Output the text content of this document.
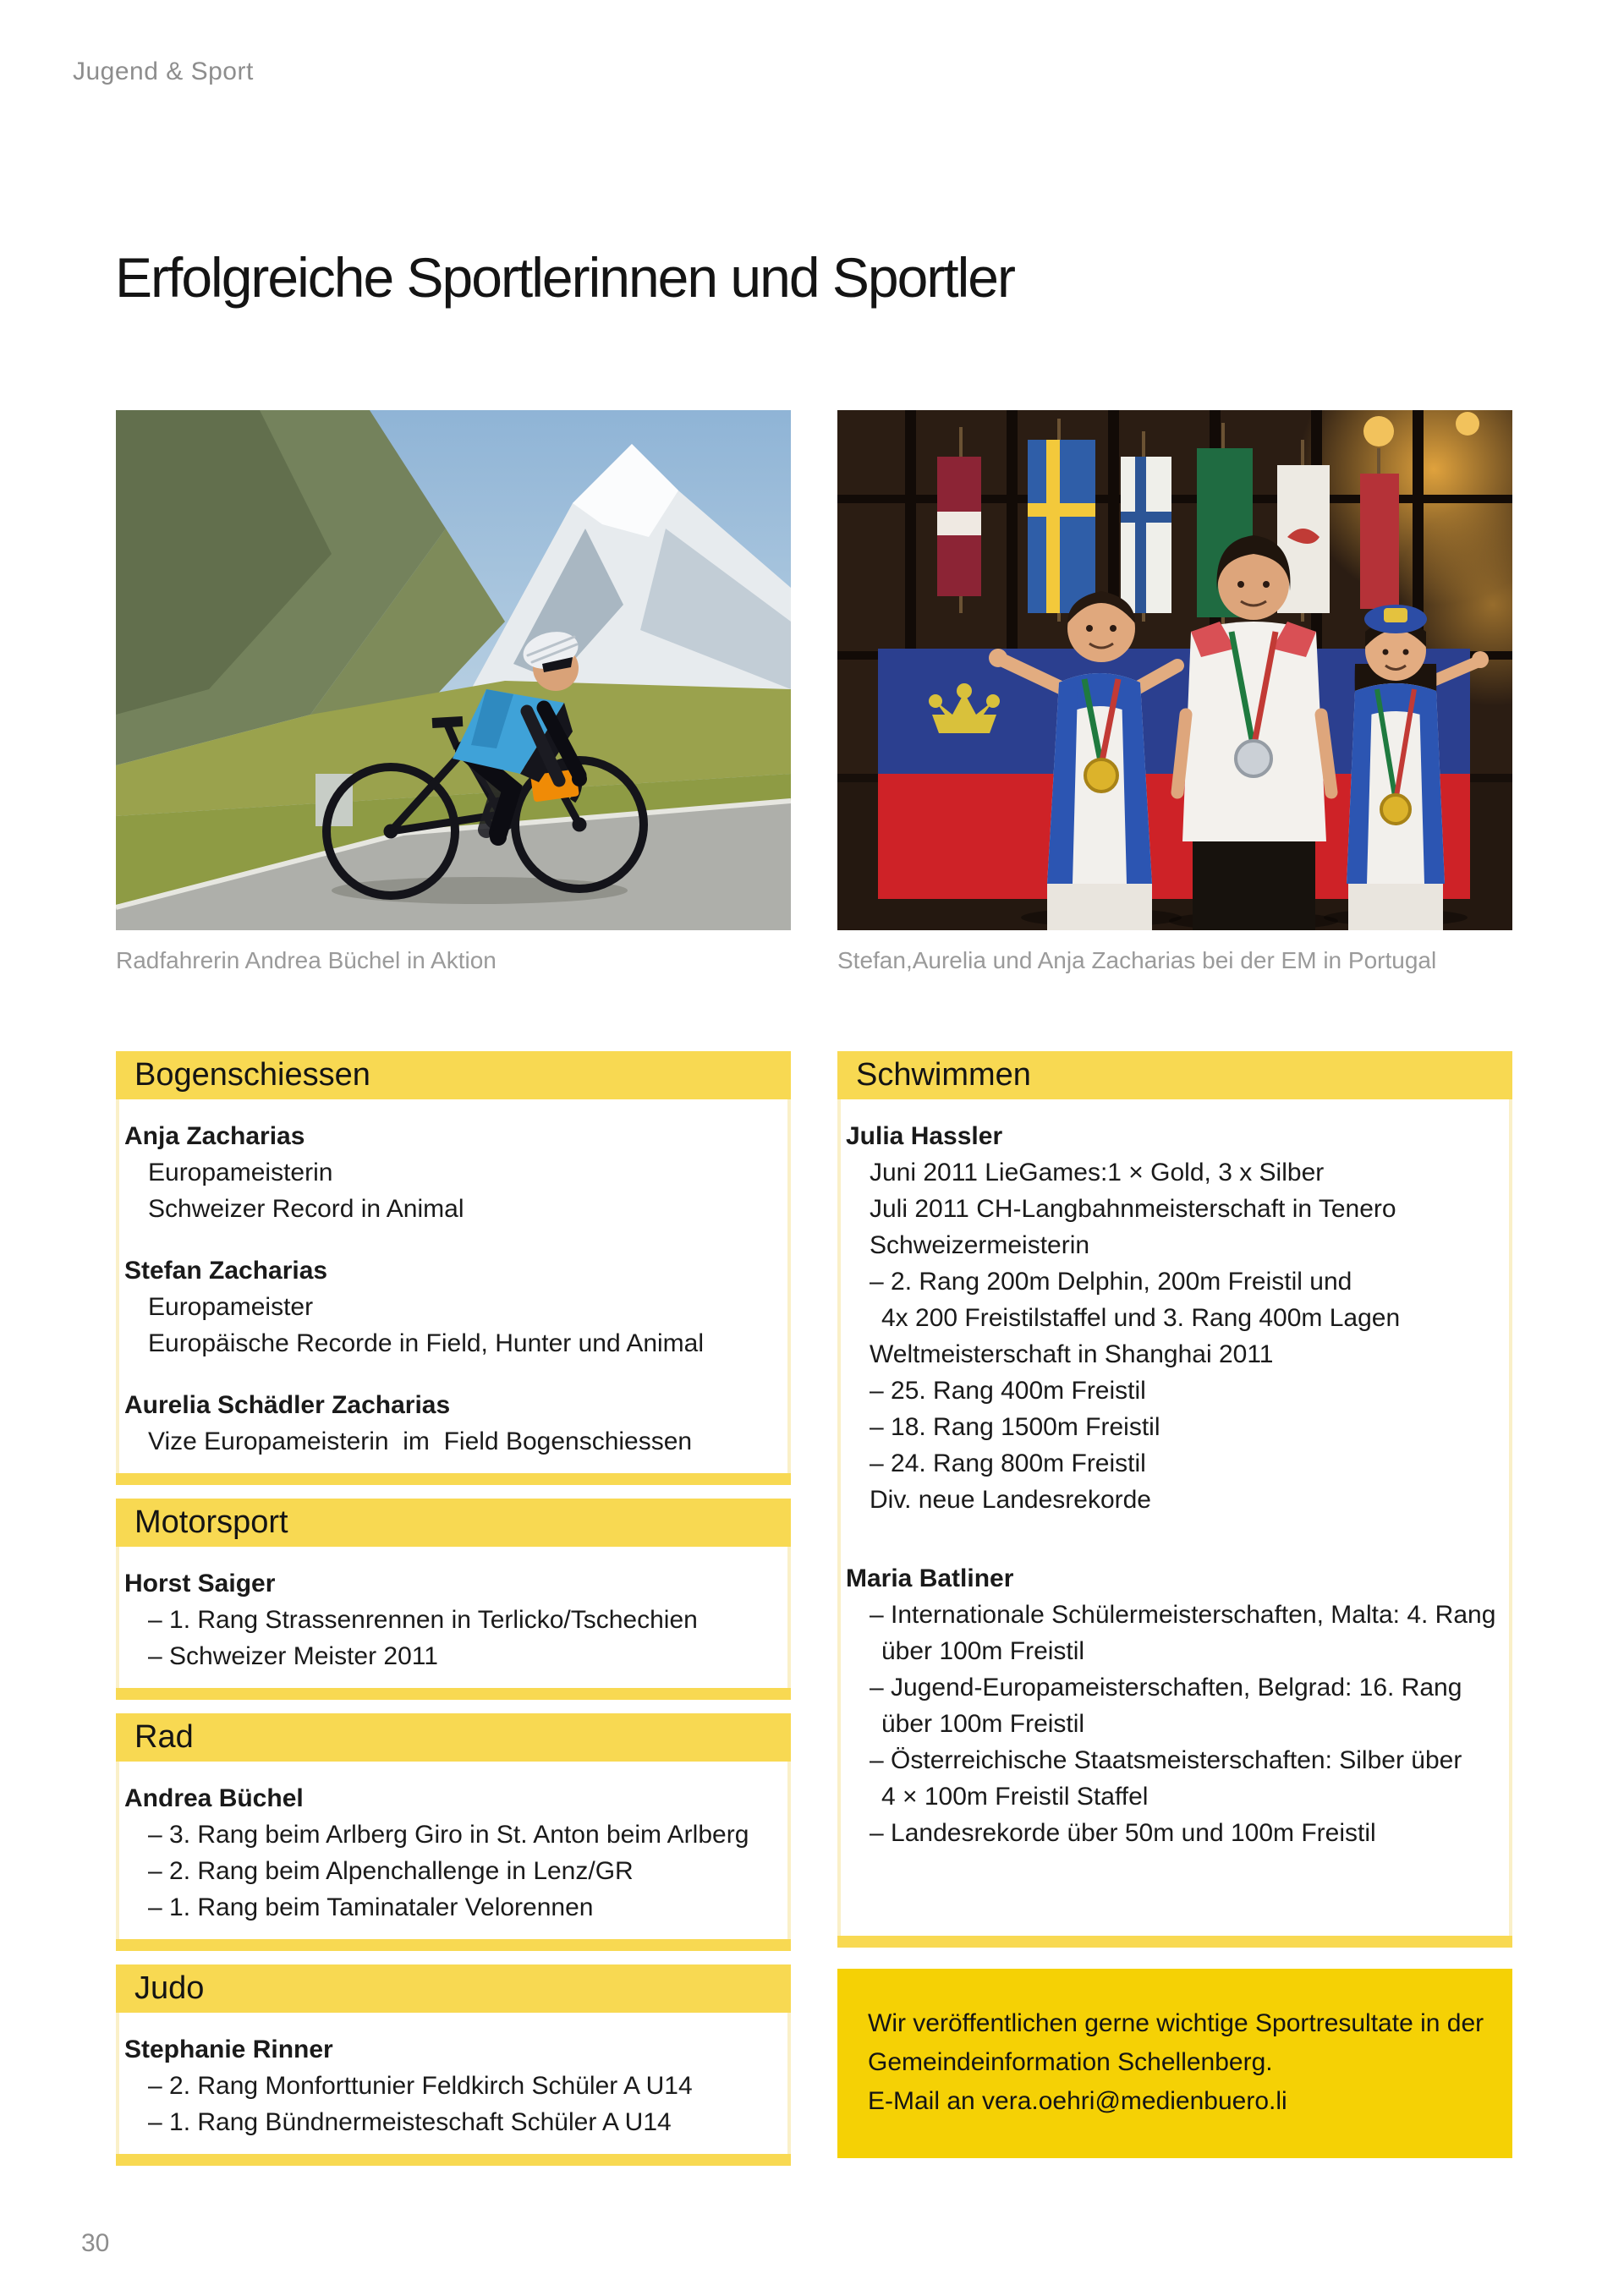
Jugend & Sport
Erfolgreiche Sportlerinnen und Sportler
Radfahrerin Andrea Büchel in Aktion	Stefan,Aurelia und Anja Zacharias bei der EM in Portugal
Bogenschiessen
Anja Zacharias
Europameisterin
Schweizer Record in Animal
Stefan Zacharias
Europameister
Europäische Recorde in Field, Hunter und Animal
Aurelia Schädler Zacharias
Vize Europameisterin  im  Field Bogenschiessen
Motorsport
Horst Saiger
– 1. Rang Strassenrennen in Terlicko/Tschechien
– Schweizer Meister 2011
Rad
Andrea Büchel
– 3. Rang beim Arlberg Giro in St. Anton beim Arlberg
– 2. Rang beim Alpenchallenge in Lenz/GR
– 1. Rang beim Taminataler Velorennen
Judo
Stephanie Rinner
– 2. Rang Monforttunier Feldkirch Schüler A U14
– 1. Rang Bündnermeisteschaft Schüler A U14
Schwimmen
Julia Hassler
Juni 2011 LieGames:1 × Gold, 3 x Silber
Juli 2011 CH-Langbahnmeisterschaft in Tenero
Schweizermeisterin
– 2. Rang 200m Delphin, 200m Freistil und
4x 200 Freistilstaffel und 3. Rang 400m Lagen
Weltmeisterschaft in Shanghai 2011
– 25. Rang 400m Freistil
– 18. Rang 1500m Freistil
– 24. Rang 800m Freistil
Div. neue Landesrekorde
Maria Batliner
– Internationale Schülermeisterschaften, Malta: 4. Rang
über 100m Freistil
– Jugend-Europameisterschaften, Belgrad: 16. Rang
über 100m Freistil
– Österreichische Staatsmeisterschaften: Silber über
4 × 100m Freistil Staffel
– Landesrekorde über 50m und 100m Freistil
Wir veröffentlichen gerne wichtige Sportresultate in der
Gemeindeinformation Schellenberg.
E-Mail an vera.oehri@medienbuero.li
30
